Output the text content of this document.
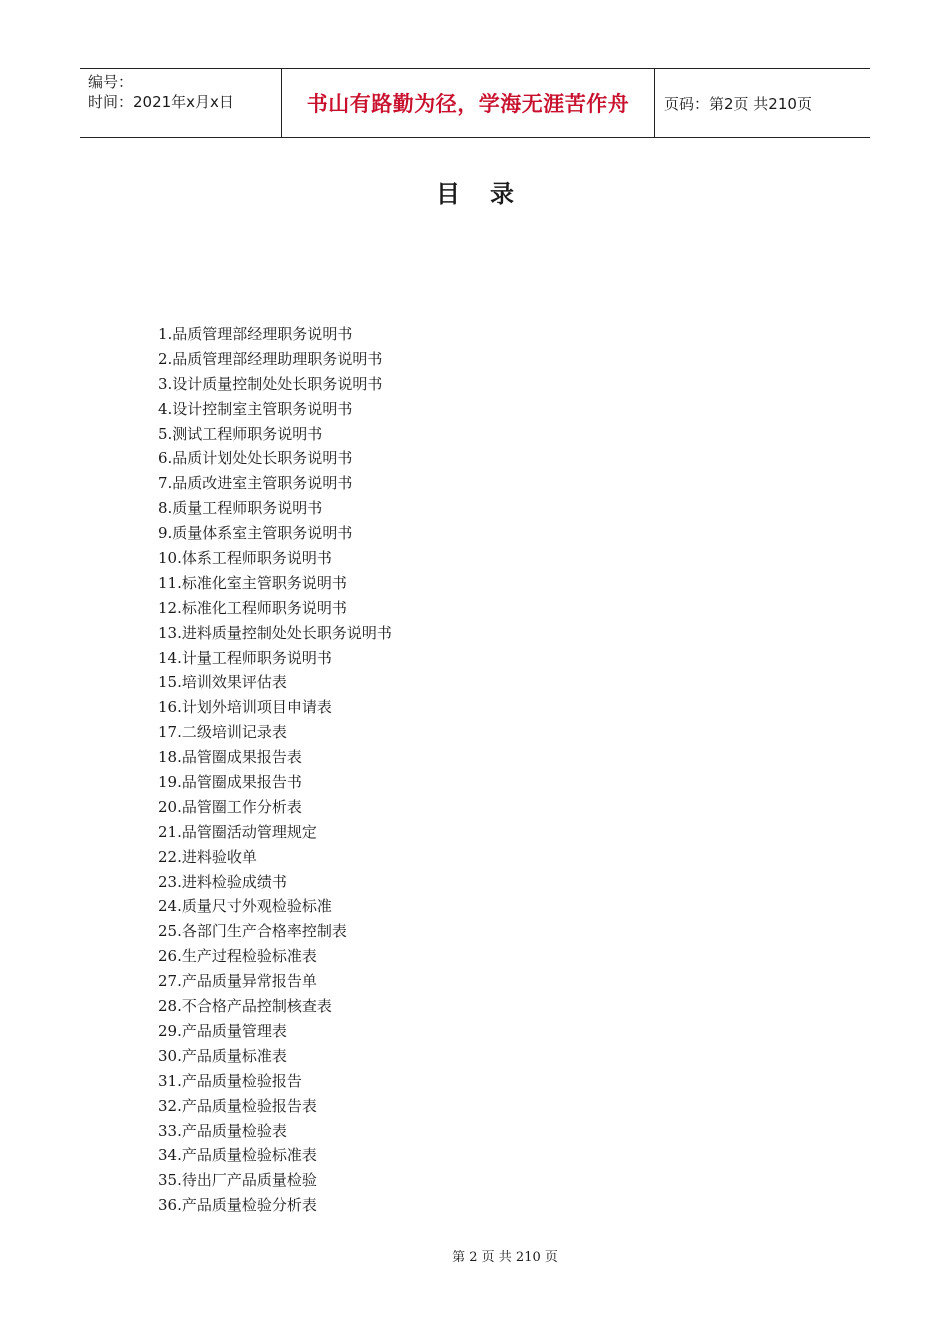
编号：
时间：2021年x月x日	书山有路勤为径，学海无涯苦作舟 页码：第2页 共210页
目录
1.品质管理部经理职务说明书
2.品质管理部经理助理职务说明书
3.设计质量控制处处长职务说明书
4.设计控制室主管职务说明书
5.测试工程师职务说明书
6.品质计划处处长职务说明书
7.品质改进室主管职务说明书
8.质量工程师职务说明书
9.质量体系室主管职务说明书
10.体系工程师职务说明书
11.标准化室主管职务说明书
12.标准化工程师职务说明书
13.进料质量控制处处长职务说明书
14.计量工程师职务说明书
15.培训效果评估表
16.计划外培训项目申请表
17.二级培训记录表
18.品管圈成果报告表
19.品管圈成果报告书
20.品管圈工作分析表
21.品管圈活动管理规定
22.进料验收单
23.进料检验成绩书
24.质量尺寸外观检验标准
25.各部门生产合格率控制表
26.生产过程检验标准表
27.产品质量异常报告单
28.不合格产品控制核查表
29.产品质量管理表
30.产品质量标准表
31.产品质量检验报告
32.产品质量检验报告表
33.产品质量检验表
34.产品质量检验标准表
35.待出厂产品质量检验
36.产品质量检验分析表
第 2 页 共 210 页
